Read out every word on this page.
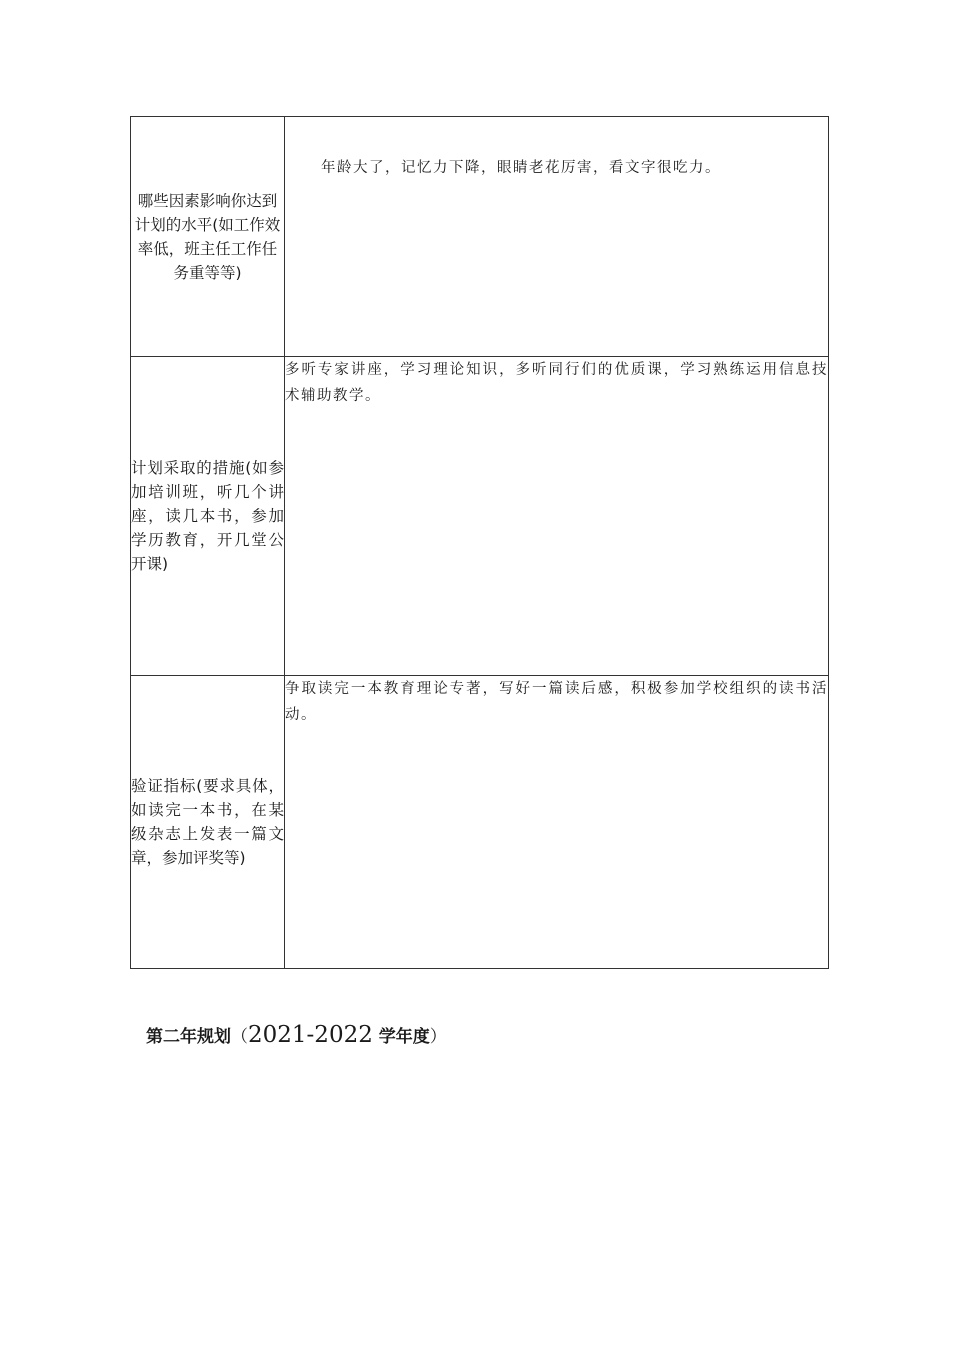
哪些因素影响你达到计划的水平(如工作效率低，班主任工作任务重等等)	年龄大了，记忆力下降，眼睛老花厉害，看文字很吃力。
计划采取的措施(如参加培训班，听几个讲座，读几本书，参加学历教育，开几堂公开课)	多听专家讲座，学习理论知识，多听同行们的优质课，学习熟练运用信息技术辅助教学。
验证指标(要求具体，如读完一本书，在某级杂志上发表一篇文章，参加评奖等)	争取读完一本教育理论专著，写好一篇读后感，积极参加学校组织的读书活动。
第二年规划（2021-2022 学年度）
